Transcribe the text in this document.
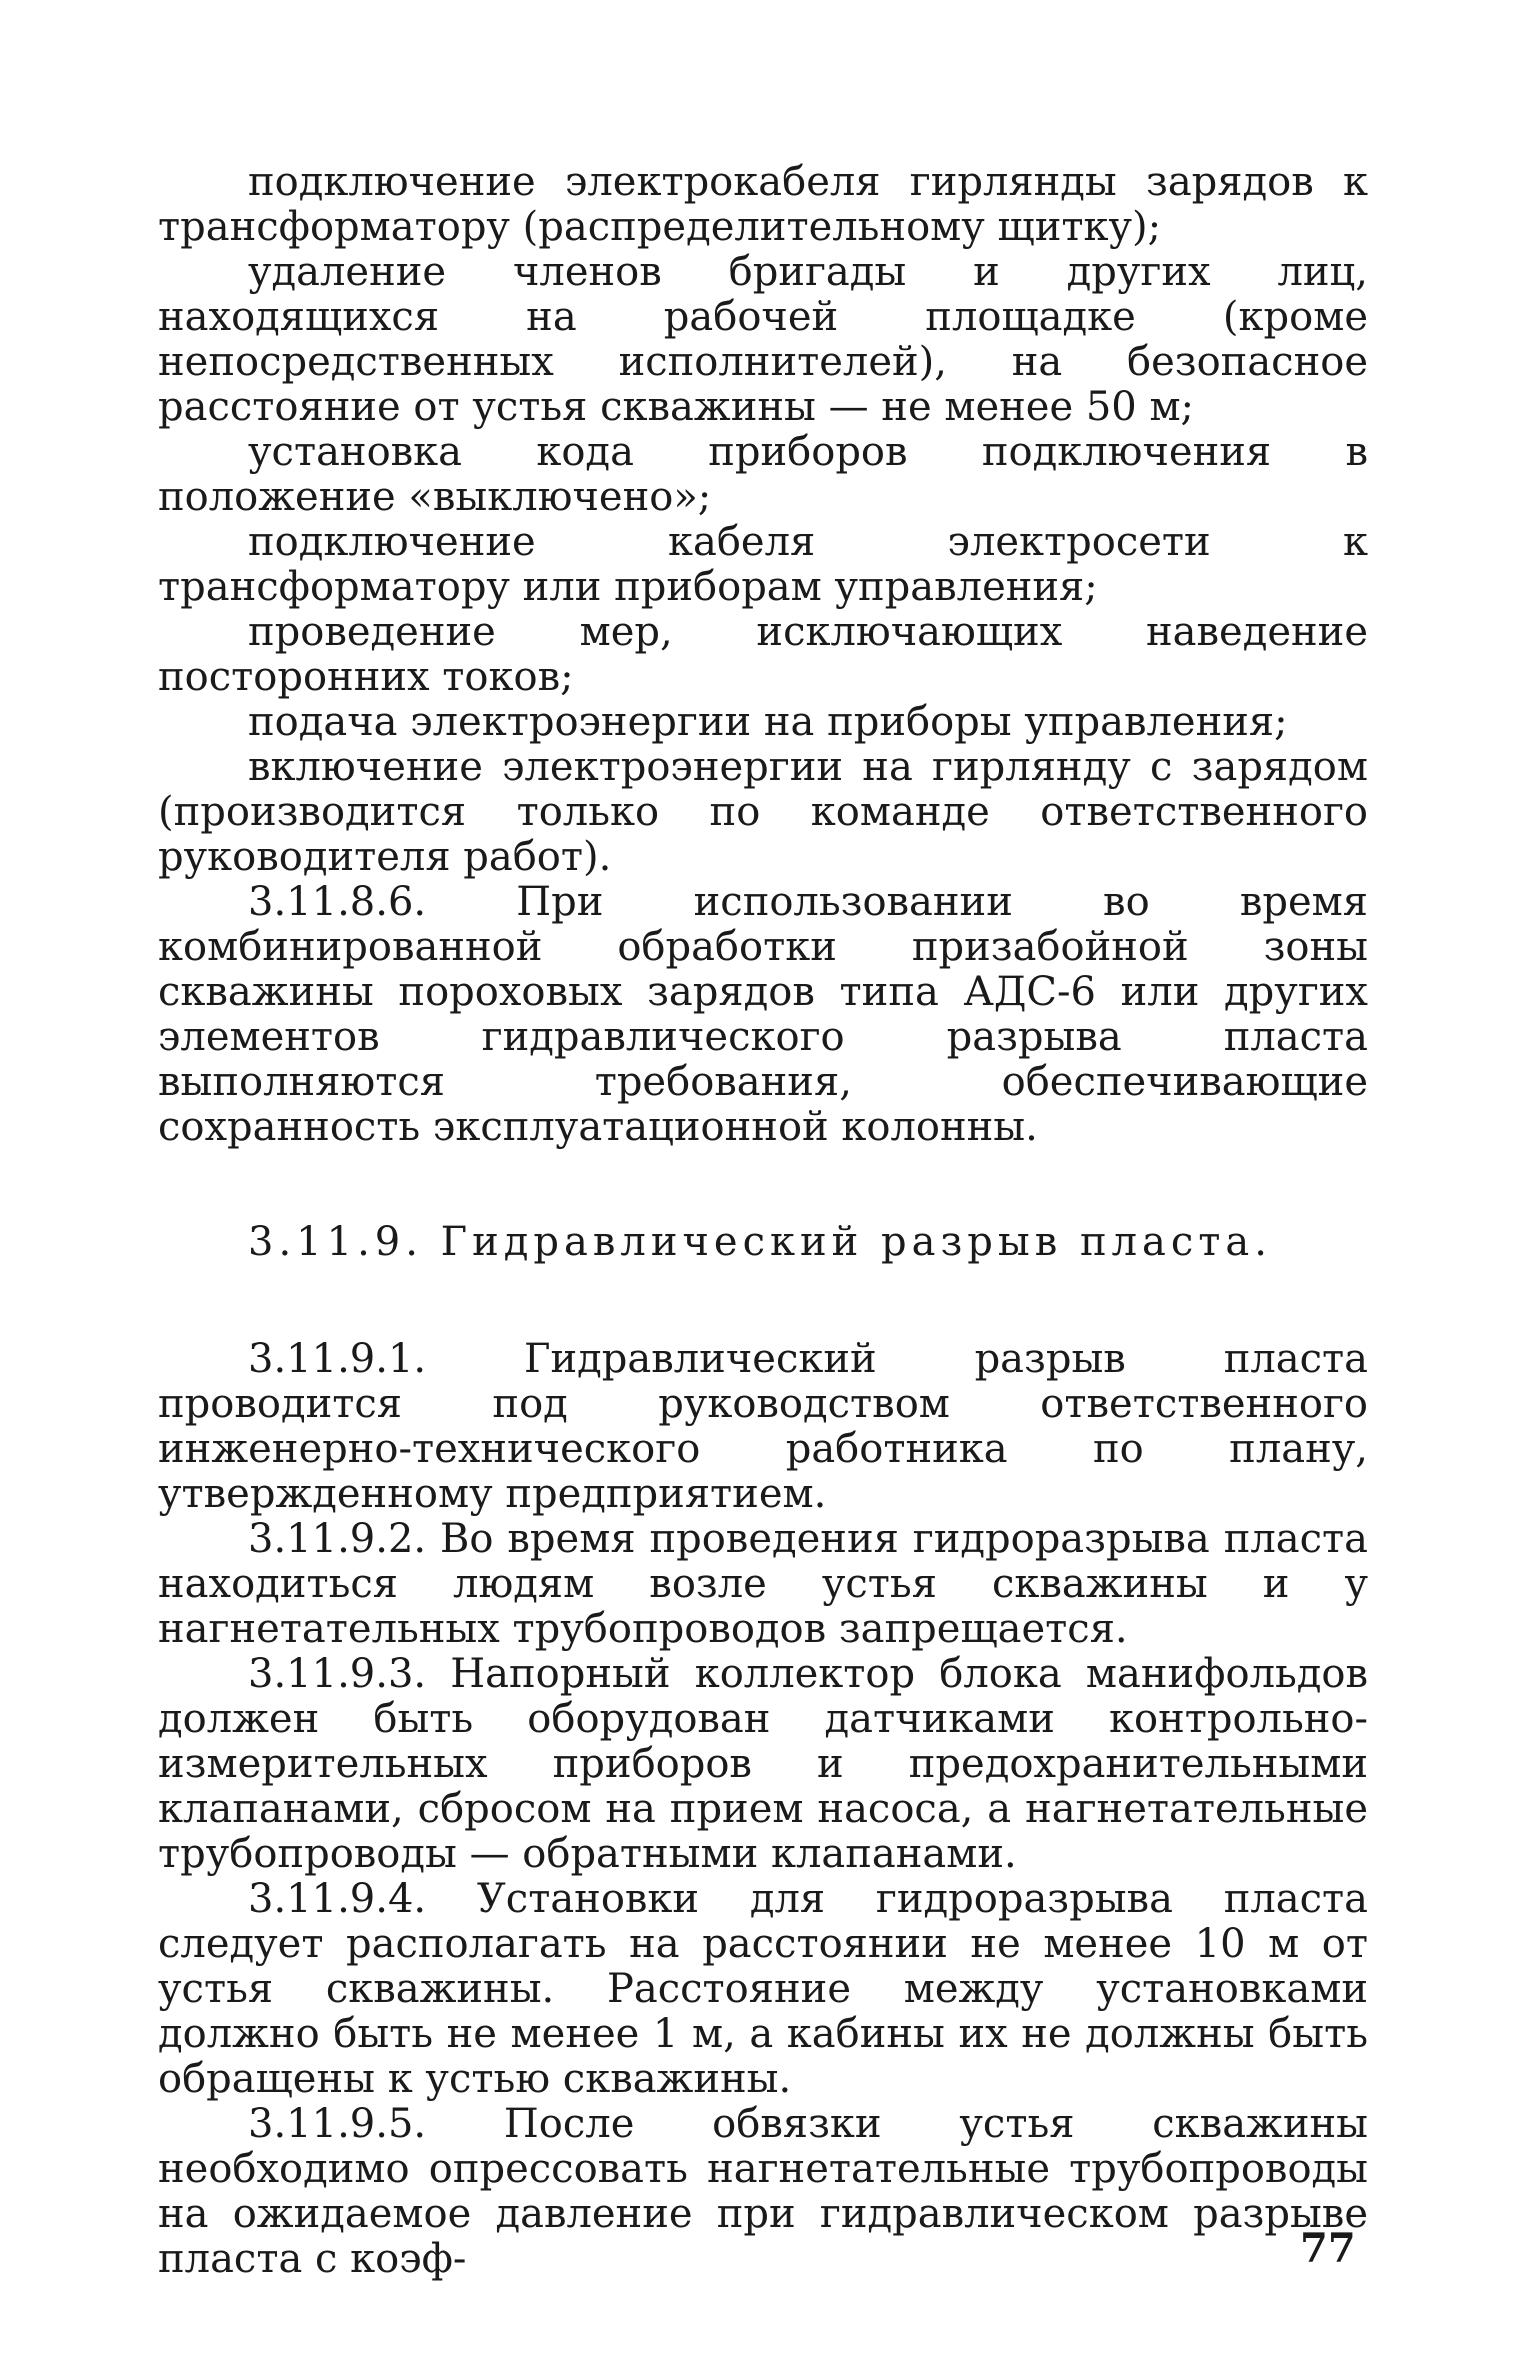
подключение электрокабеля гирлянды зарядов к трансформатору (распределительному щитку);

удаление членов бригады и других лиц, находящихся на рабочей площадке (кроме непосредственных исполнителей), на безопасное расстояние от устья скважины — не менее 50 м;

установка кода приборов подключения в положение «выключено»;

подключение кабеля электросети к трансформатору или приборам управления;

проведение мер, исключающих наведение посторонних токов;

подача электроэнергии на приборы управления;

включение электроэнергии на гирлянду с зарядом (производится только по команде ответственного руководителя работ).

3.11.8.6. При использовании во время комбинированной обработки призабойной зоны скважины пороховых зарядов типа АДС-6 или других элементов гидравлического разрыва пласта выполняются требования, обеспечивающие сохранность эксплуатационной колонны.

3.11.9. Гидравлический разрыв пласта.

3.11.9.1. Гидравлический разрыв пласта проводится под руководством ответственного инженерно-технического работника по плану, утвержденному предприятием.

3.11.9.2. Во время проведения гидроразрыва пласта находиться людям возле устья скважины и у нагнетательных трубопроводов запрещается.

3.11.9.3. Напорный коллектор блока манифольдов должен быть оборудован датчиками контрольно-измерительных приборов и предохранительными клапанами, сбросом на прием насоса, а нагнетательные трубопроводы — обратными клапанами.

3.11.9.4. Установки для гидроразрыва пласта следует располагать на расстоянии не менее 10 м от устья скважины. Расстояние между установками должно быть не менее 1 м, а кабины их не должны быть обращены к устью скважины.

3.11.9.5. После обвязки устья скважины необходимо опрессовать нагнетательные трубопроводы на ожидаемое давление при гидравлическом разрыве пласта с коэф-	77
